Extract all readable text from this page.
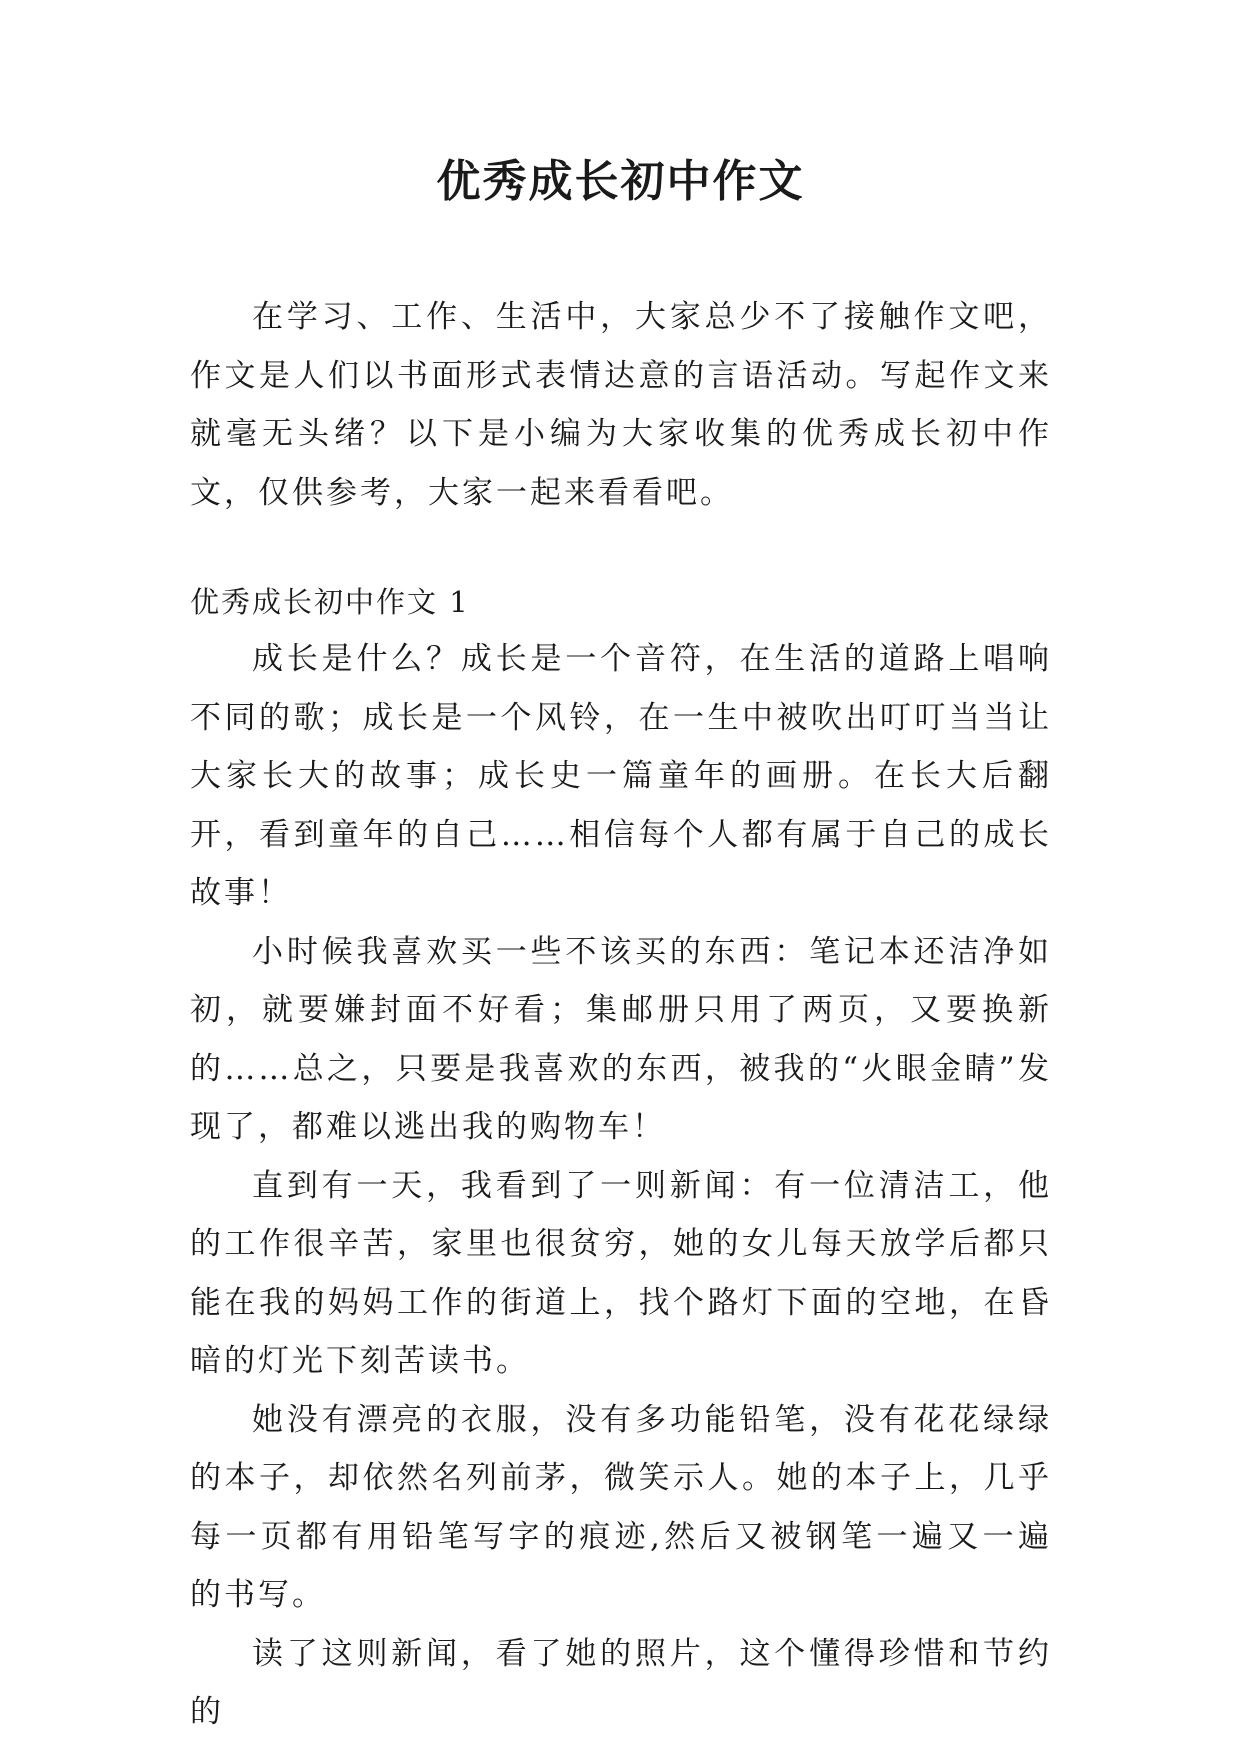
优秀成长初中作文

在学习、工作、生活中，大家总少不了接触作文吧，作文是人们以书面形式表情达意的言语活动。写起作文来就毫无头绪？以下是小编为大家收集的优秀成长初中作文，仅供参考，大家一起来看看吧。

优秀成长初中作文 1

成长是什么？成长是一个音符，在生活的道路上唱响不同的歌；成长是一个风铃，在一生中被吹出叮叮当当让大家长大的故事；成长史一篇童年的画册。在长大后翻开，看到童年的自己……相信每个人都有属于自己的成长故事！

小时候我喜欢买一些不该买的东西：笔记本还洁净如初，就要嫌封面不好看；集邮册只用了两页，又要换新的……总之，只要是我喜欢的东西，被我的“火眼金睛”发现了，都难以逃出我的购物车！

直到有一天，我看到了一则新闻：有一位清洁工，他的工作很辛苦，家里也很贫穷，她的女儿每天放学后都只能在我的妈妈工作的街道上，找个路灯下面的空地，在昏暗的灯光下刻苦读书。

她没有漂亮的衣服，没有多功能铅笔，没有花花绿绿的本子，却依然名列前茅，微笑示人。她的本子上，几乎每一页都有用铅笔写字的痕迹,然后又被钢笔一遍又一遍的书写。

读了这则新闻，看了她的照片，这个懂得珍惜和节约的
